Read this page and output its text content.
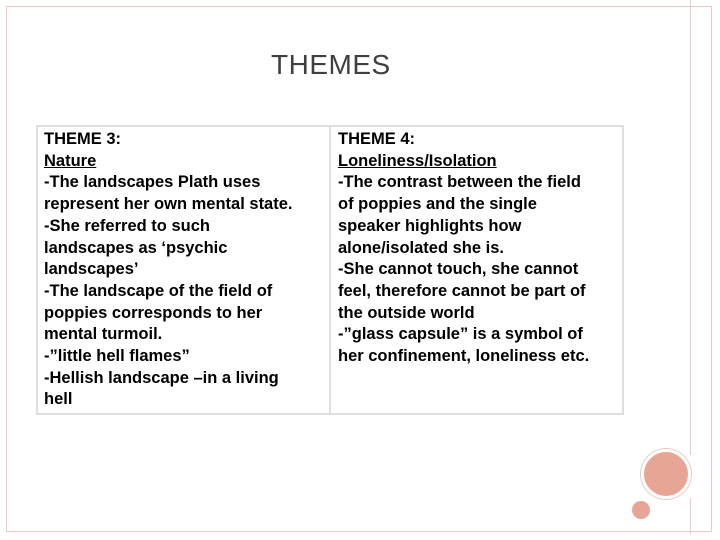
THEMES
THEME 3:
Nature
-The landscapes Plath uses
represent her own mental state.
-She referred to such
landscapes as ‘psychic
landscapes’
-The landscape of the field of
poppies corresponds to her
mental turmoil.
-”little hell flames”
-Hellish landscape –in a living
hell
THEME 4:
Loneliness/Isolation
-The contrast between the field
of poppies and the single
speaker highlights how
alone/isolated she is.
-She cannot touch, she cannot
feel, therefore cannot be part of
the outside world
-”glass capsule” is a symbol of
her confinement, loneliness etc.
